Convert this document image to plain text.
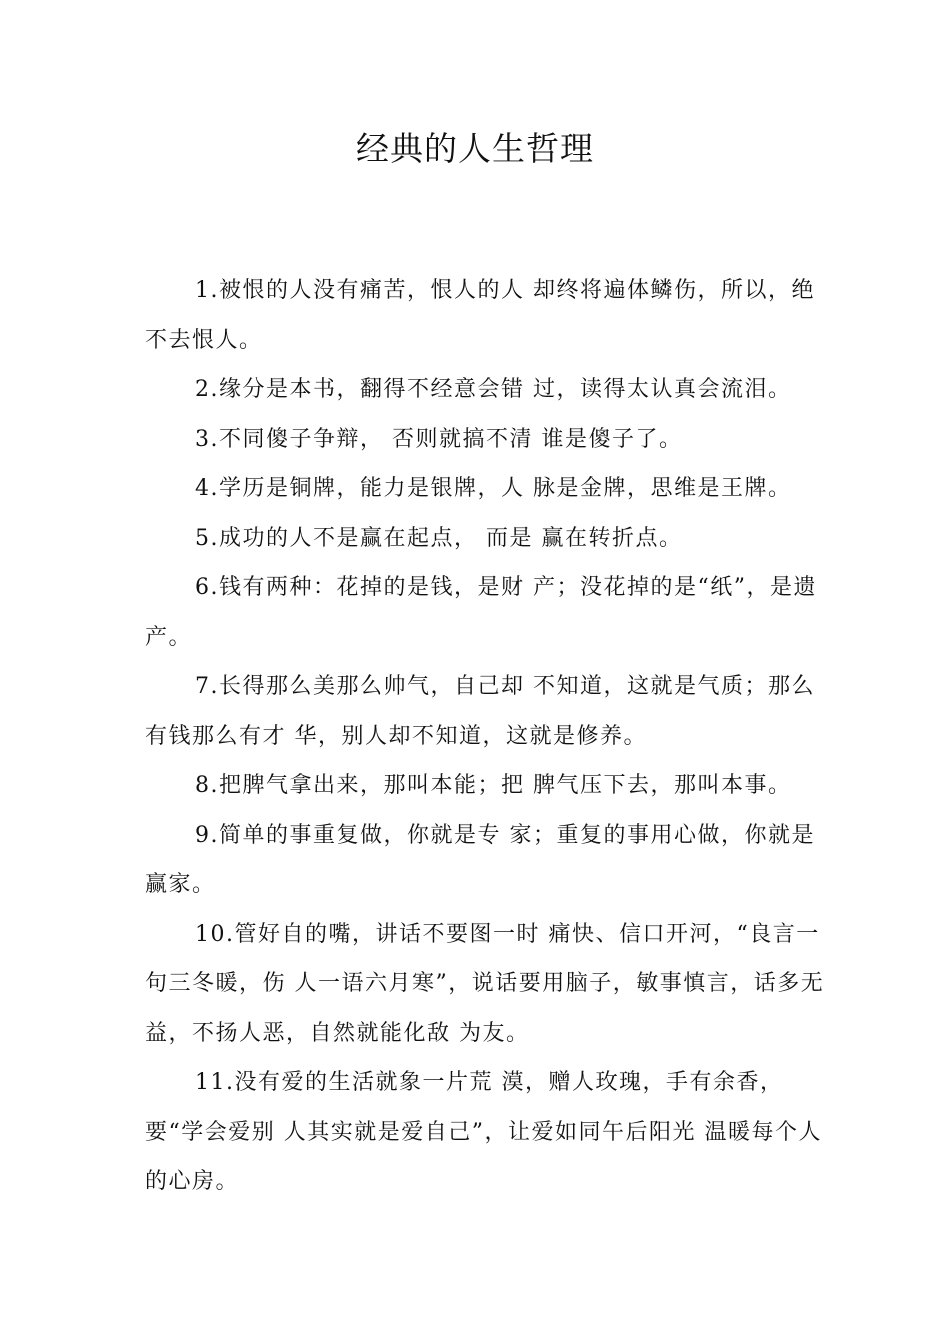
经典的人生哲理

1.被恨的人没有痛苦，恨人的人 却终将遍体鳞伤，所以，绝不去恨人。

2.缘分是本书，翻得不经意会错 过，读得太认真会流泪。

3.不同傻子争辩， 否则就搞不清 谁是傻子了。

4.学历是铜牌，能力是银牌，人 脉是金牌，思维是王牌。

5.成功的人不是赢在起点， 而是 赢在转折点。

6.钱有两种：花掉的是钱，是财 产；没花掉的是“纸”，是遗产。

7.长得那么美那么帅气，自己却 不知道，这就是气质；那么有钱那么有才 华，别人却不知道，这就是修养。

8.把脾气拿出来，那叫本能；把 脾气压下去，那叫本事。

9.简单的事重复做，你就是专 家；重复的事用心做，你就是赢家。

10.管好自的嘴，讲话不要图一时 痛快、信口开河，“良言一句三冬暖，伤 人一语六月寒”，说话要用脑子，敏事慎言，话多无益，不扬人恶，自然就能化敌 为友。

11.没有爱的生活就象一片荒 漠，赠人玫瑰，手有余香，要“学会爱别 人其实就是爱自己”，让爱如同午后阳光 温暖每个人的心房。
